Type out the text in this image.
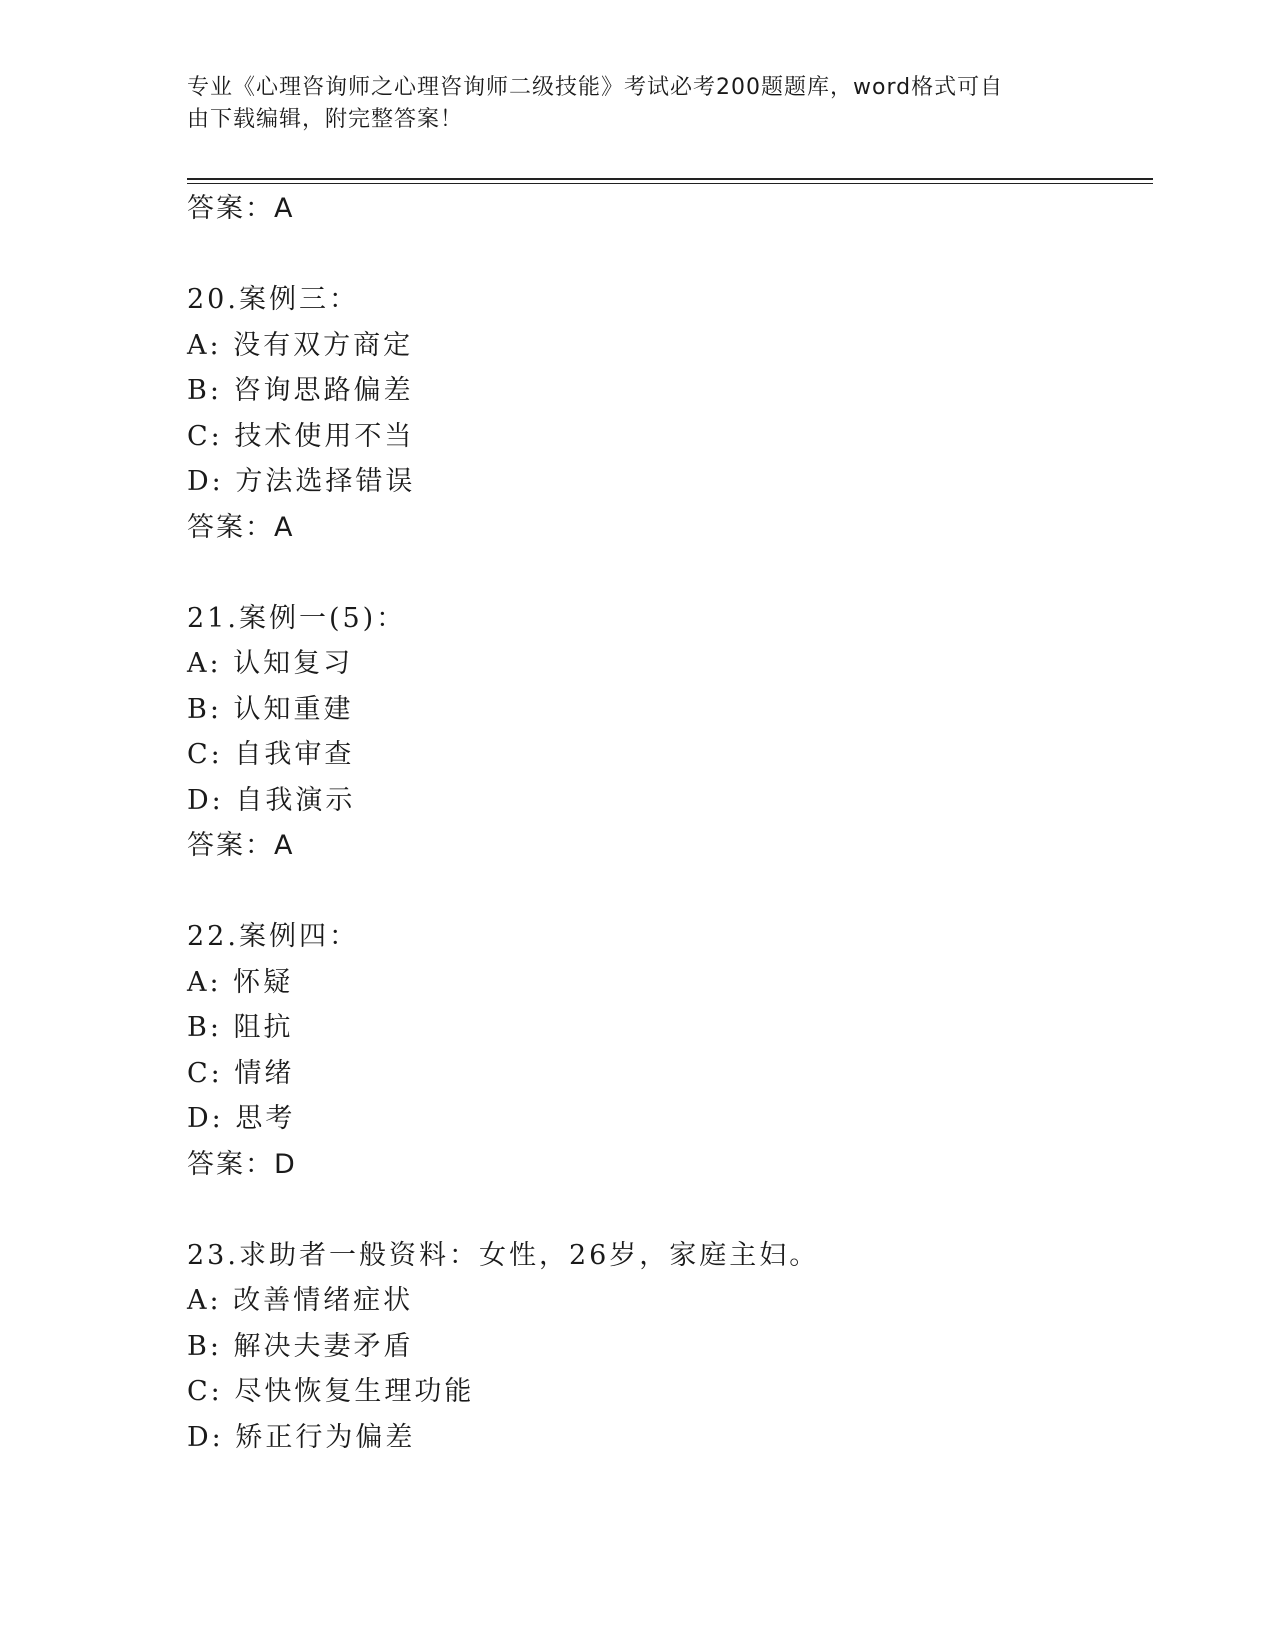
专业《心理咨询师之心理咨询师二级技能》考试必考200题题库，word格式可自
由下载编辑，附完整答案！
答案：A
20.案例三：
A: 没有双方商定
B: 咨询思路偏差
C: 技术使用不当
D: 方法选择错误
答案：A
21.案例一(5)：
A: 认知复习
B: 认知重建
C: 自我审查
D: 自我演示
答案：A
22.案例四：
A: 怀疑
B: 阻抗
C: 情绪
D: 思考
答案：D
23.求助者一般资料：女性，26岁，家庭主妇。
A: 改善情绪症状
B: 解决夫妻矛盾
C: 尽快恢复生理功能
D: 矫正行为偏差
